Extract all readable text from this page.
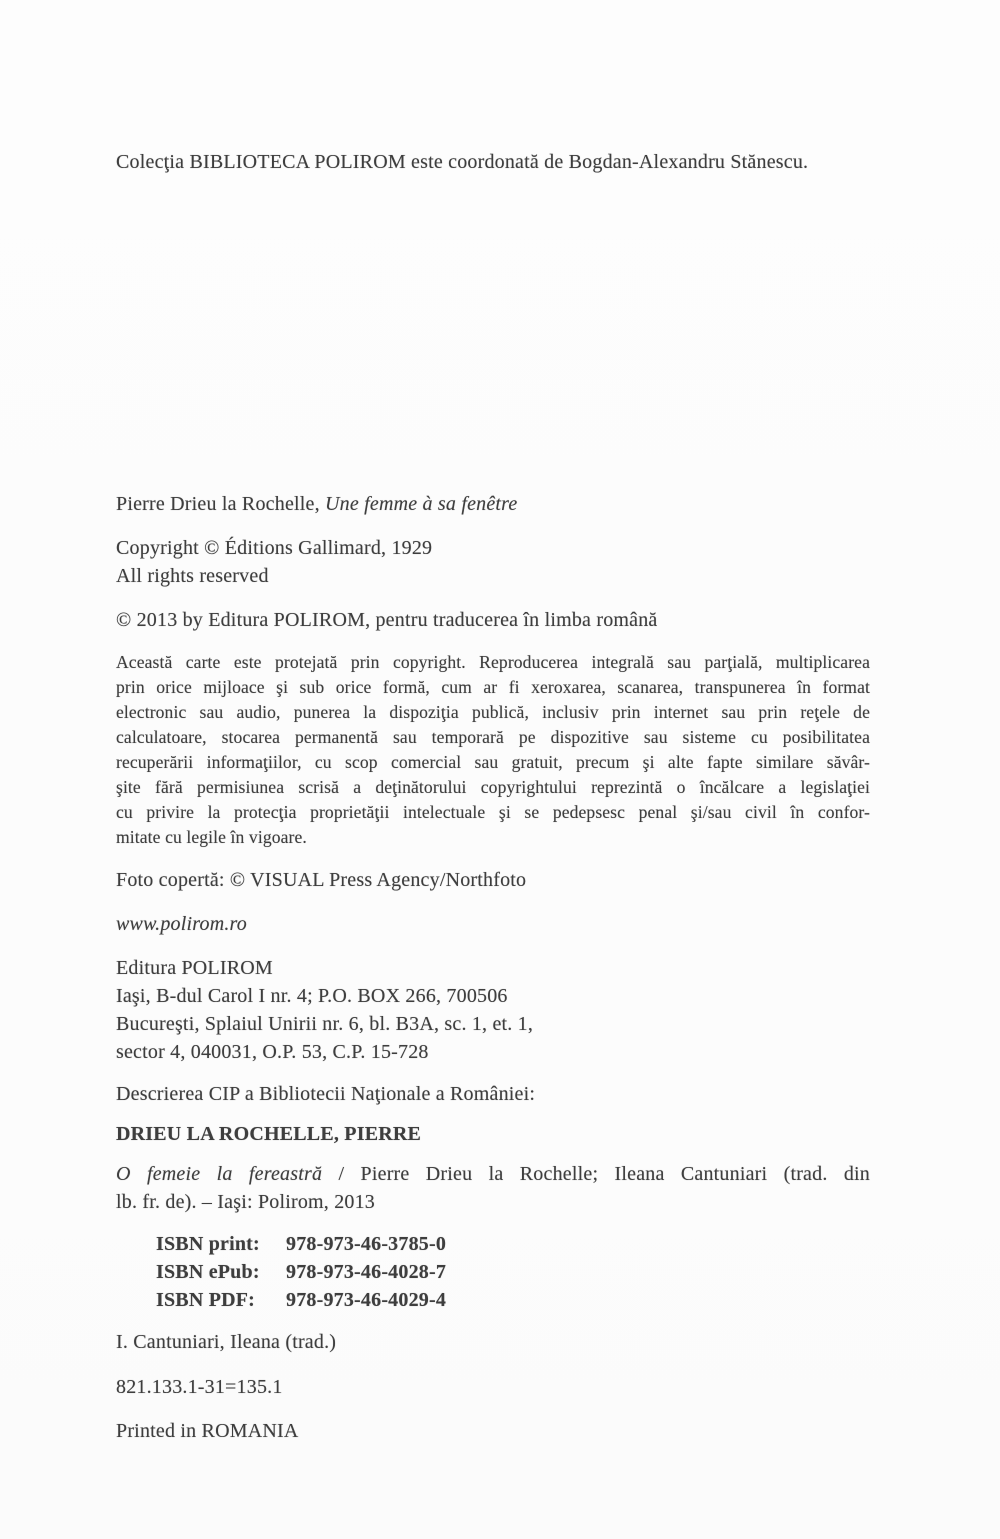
Colecţia BIBLIOTECA POLIROM este coordonată de Bogdan-Alexandru Stănescu.
Pierre Drieu la Rochelle, Une femme à sa fenêtre
Copyright © Éditions Gallimard, 1929
All rights reserved
© 2013 by Editura POLIROM, pentru traducerea în limba română
Această carte este protejată prin copyright. Reproducerea integrală sau parţială, multiplicarea
prin orice mijloace şi sub orice formă, cum ar fi xeroxarea, scanarea, transpunerea în format
electronic sau audio, punerea la dispoziţia publică, inclusiv prin internet sau prin reţele de
calculatoare, stocarea permanentă sau temporară pe dispozitive sau sisteme cu posibilitatea
recuperării informaţiilor, cu scop comercial sau gratuit, precum şi alte fapte similare săvâr-
şite fără permisiunea scrisă a deţinătorului copyrightului reprezintă o încălcare a legislaţiei
cu privire la protecţia proprietăţii intelectuale şi se pedepsesc penal şi/sau civil în confor-
mitate cu legile în vigoare.
Foto copertă: © VISUAL Press Agency/Northfoto
www.polirom.ro
Editura POLIROM
Iaşi, B-dul Carol I nr. 4; P.O. BOX 266, 700506
Bucureşti, Splaiul Unirii nr. 6, bl. B3A, sc. 1, et. 1,
sector 4, 040031, O.P. 53, C.P. 15-728
Descrierea CIP a Bibliotecii Naţionale a României:
DRIEU LA ROCHELLE, PIERRE
O femeie la fereastră / Pierre Drieu la Rochelle; Ileana Cantuniari (trad. din
lb. fr. de). – Iaşi: Polirom, 2013
ISBN print: 978-973-46-3785-0
ISBN ePub: 978-973-46-4028-7
ISBN PDF: 978-973-46-4029-4
I. Cantuniari, Ileana (trad.)
821.133.1-31=135.1
Printed in ROMANIA
